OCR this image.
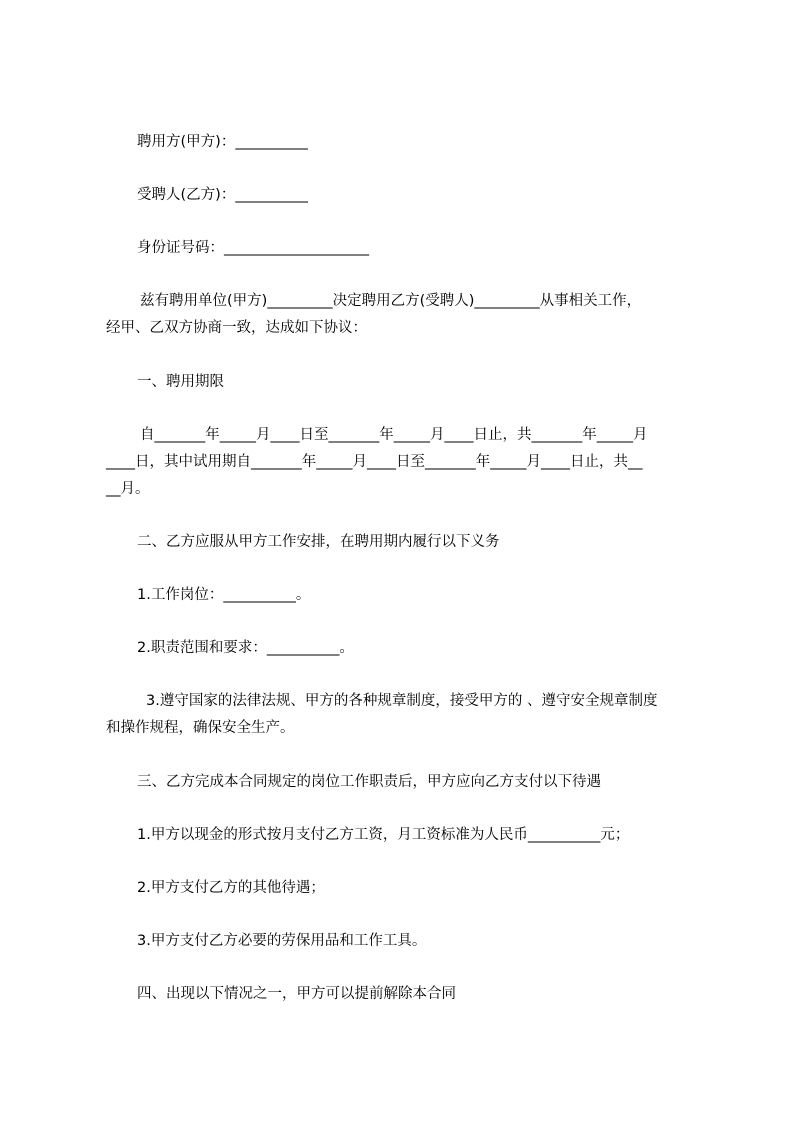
聘用方(甲方)：__________
受聘人(乙方)：__________
身份证号码：____________________
兹有聘用单位(甲方)_________决定聘用乙方(受聘人)_________从事相关工作，
经甲、乙双方协商一致，达成如下协议：
一、聘用期限
自_______年_____月____日至_______年_____月____日止，共_______年_____月
____日，其中试用期自_______年_____月____日至_______年_____月____日止，共__
__月。
二、乙方应服从甲方工作安排，在聘用期内履行以下义务
1.工作岗位：__________。
2.职责范围和要求：__________。
3.遵守国家的法律法规、甲方的各种规章制度，接受甲方的 、遵守安全规章制度
和操作规程，确保安全生产。
三、乙方完成本合同规定的岗位工作职责后，甲方应向乙方支付以下待遇
1.甲方以现金的形式按月支付乙方工资，月工资标准为人民币__________元；
2.甲方支付乙方的其他待遇；
3.甲方支付乙方必要的劳保用品和工作工具。
四、出现以下情况之一，甲方可以提前解除本合同
